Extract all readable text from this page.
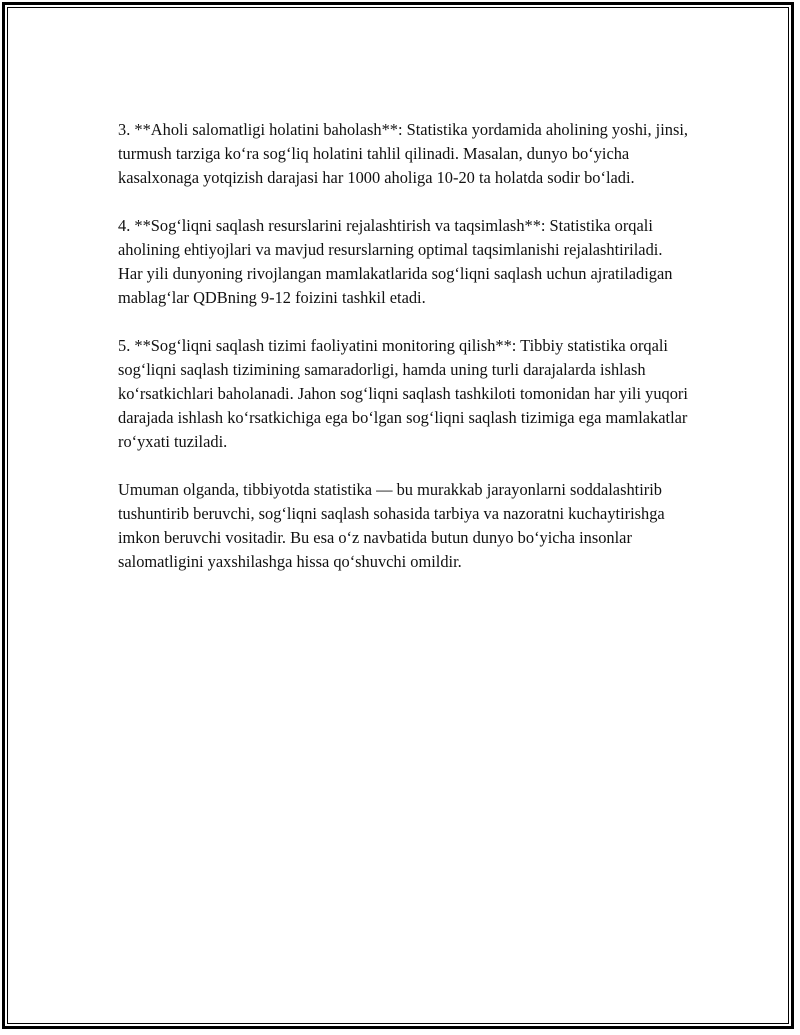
3. **Aholi salomatligi holatini baholash**: Statistika yordamida aholining yoshi, jinsi, turmush tarziga koʻra sogʻliq holatini tahlil qilinadi. Masalan, dunyo boʻyicha kasalxonaga yotqizish darajasi har 1000 aholiga 10-20 ta holatda sodir boʻladi.

4. **Sogʻliqni saqlash resurslarini rejalashtirish va taqsimlash**: Statistika orqali aholining ehtiyojlari va mavjud resurslarning optimal taqsimlanishi rejalashtiriladi. Har yili dunyoning rivojlangan mamlakatlarida sogʻliqni saqlash uchun ajratiladigan mablagʻlar QDBning 9-12 foizini tashkil etadi.

5. **Sogʻliqni saqlash tizimi faoliyatini monitoring qilish**: Tibbiy statistika orqali sogʻliqni saqlash tizimining samaradorligi, hamda uning turli darajalarda ishlash koʻrsatkichlari baholanadi. Jahon sogʻliqni saqlash tashkiloti tomonidan har yili yuqori darajada ishlash koʻrsatkichiga ega boʻlgan sogʻliqni saqlash tizimiga ega mamlakatlar roʻyxati tuziladi.

Umuman olganda, tibbiyotda statistika — bu murakkab jarayonlarni soddalashtirib tushuntirib beruvchi, sogʻliqni saqlash sohasida tarbiya va nazoratni kuchaytirishga imkon beruvchi vositadir. Bu esa oʻz navbatida butun dunyo boʻyicha insonlar salomatligini yaxshilashga hissa qoʻshuvchi omildir.
